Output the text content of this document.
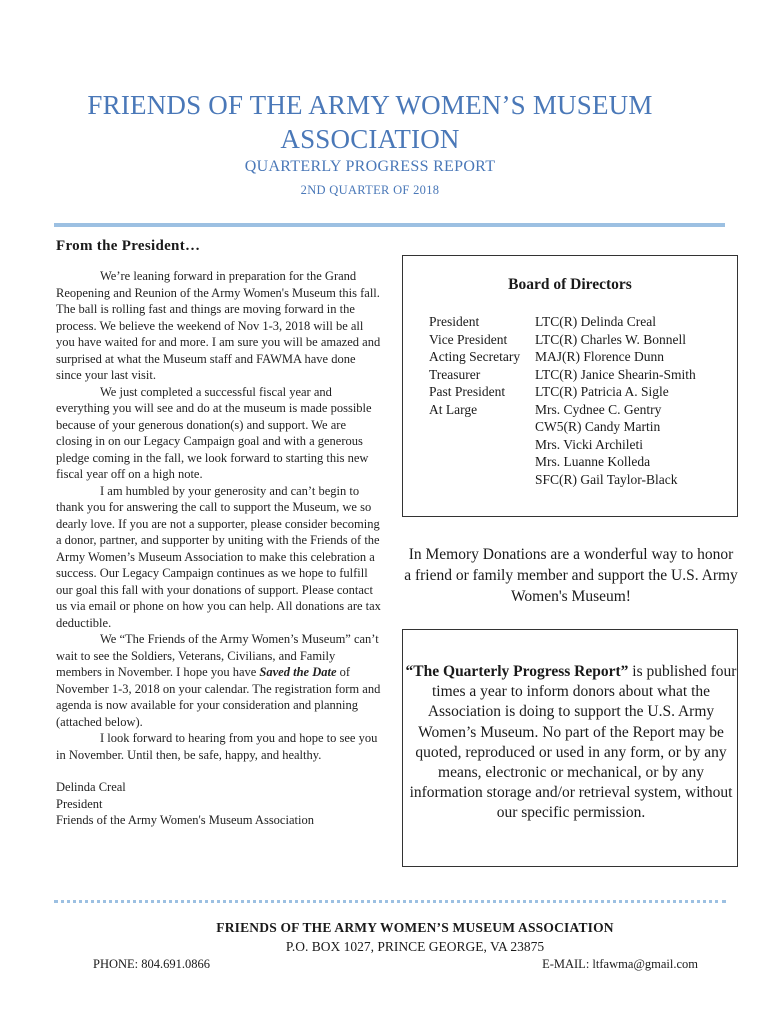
FRIENDS OF THE ARMY WOMEN’S MUSEUM
ASSOCIATION
QUARTERLY PROGRESS REPORT
2ND QUARTER OF 2018
From the President…

We’re leaning forward in preparation for the Grand Reopening and Reunion of the Army Women's Museum this fall. The ball is rolling fast and things are moving forward in the process. We believe the weekend of Nov 1-3, 2018 will be all you have waited for and more. I am sure you will be amazed and surprised at what the Museum staff and FAWMA have done since your last visit.

We just completed a successful fiscal year and everything you will see and do at the museum is made possible because of your generous donation(s) and support. We are closing in on our Legacy Campaign goal and with a generous pledge coming in the fall, we look forward to starting this new fiscal year off on a high note.

I am humbled by your generosity and can’t begin to thank you for answering the call to support the Museum, we so dearly love. If you are not a supporter, please consider becoming a donor, partner, and supporter by uniting with the Friends of the Army Women’s Museum Association to make this celebration a success. Our Legacy Campaign continues as we hope to fulfill our goal this fall with your donations of support. Please contact us via email or phone on how you can help. All donations are tax deductible.

We “The Friends of the Army Women’s Museum” can’t wait to see the Soldiers, Veterans, Civilians, and Family members in November. I hope you have Saved the Date of November 1-3, 2018 on your calendar. The registration form and agenda is now available for your consideration and planning (attached below).

I look forward to hearing from you and hope to see you in November. Until then, be safe, happy, and healthy.

Delinda Creal
President
Friends of the Army Women's Museum Association
Board of Directors
President
Vice President
Acting Secretary
Treasurer
Past President
At Large
LTC(R) Delinda Creal
LTC(R) Charles W. Bonnell
MAJ(R) Florence Dunn
LTC(R) Janice Shearin-Smith
LTC(R) Patricia A. Sigle
Mrs. Cydnee C. Gentry
CW5(R) Candy Martin
Mrs. Vicki Archileti
Mrs. Luanne Kolleda
SFC(R) Gail Taylor-Black
In Memory Donations are a wonderful way to honor a friend or family member and support the U.S. Army Women's Museum!
“The Quarterly Progress Report” is published four times a year to inform donors about what the Association is doing to support the U.S. Army Women’s Museum. No part of the Report may be quoted, reproduced or used in any form, or by any means, electronic or mechanical, or by any information storage and/or retrieval system, without our specific permission.
FRIENDS OF THE ARMY WOMEN’S MUSEUM ASSOCIATION
P.O. BOX 1027, PRINCE GEORGE, VA 23875
PHONE: 804.691.0866	E-MAIL: ltfawma@gmail.com
